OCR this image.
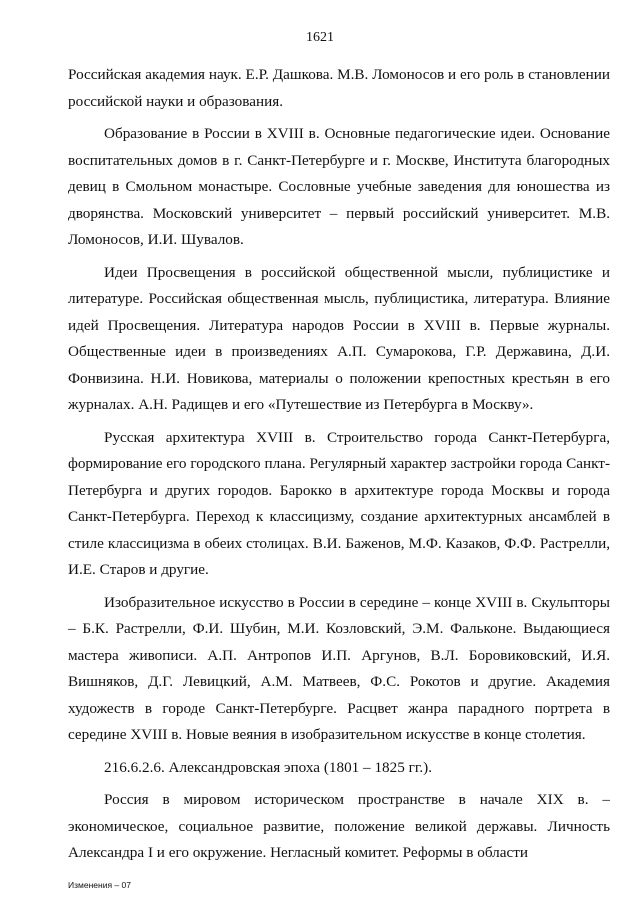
1621

Российская академия наук. Е.Р. Дашкова. М.В. Ломоносов и его роль в становлении российской науки и образования.

Образование в России в XVIII в. Основные педагогические идеи. Основание воспитательных домов в г. Санкт-Петербурге и г. Москве, Института благородных девиц в Смольном монастыре. Сословные учебные заведения для юношества из дворянства. Московский университет – первый российский университет. М.В. Ломоносов, И.И. Шувалов.

Идеи Просвещения в российской общественной мысли, публицистике и литературе. Российская общественная мысль, публицистика, литература. Влияние идей Просвещения. Литература народов России в XVIII в. Первые журналы. Общественные идеи в произведениях А.П. Сумарокова, Г.Р. Державина, Д.И. Фонвизина. Н.И. Новикова, материалы о положении крепостных крестьян в его журналах. А.Н. Радищев и его «Путешествие из Петербурга в Москву».

Русская архитектура XVIII в. Строительство города Санкт-Петербурга, формирование его городского плана. Регулярный характер застройки города Санкт-Петербурга и других городов. Барокко в архитектуре города Москвы и города Санкт-Петербурга. Переход к классицизму, создание архитектурных ансамблей в стиле классицизма в обеих столицах. В.И. Баженов, М.Ф. Казаков, Ф.Ф. Растрелли, И.Е. Старов и другие.

Изобразительное искусство в России в середине – конце XVIII в. Скульпторы – Б.К. Растрелли, Ф.И. Шубин, М.И. Козловский, Э.М. Фальконе. Выдающиеся мастера живописи. А.П. Антропов И.П. Аргунов, В.Л. Боровиковский, И.Я. Вишняков, Д.Г. Левицкий, А.М. Матвеев, Ф.С. Рокотов и другие. Академия художеств в городе Санкт-Петербурге. Расцвет жанра парадного портрета в середине XVIII в. Новые веяния в изобразительном искусстве в конце столетия.

216.6.2.6. Александровская эпоха (1801 – 1825 гг.).

Россия в мировом историческом пространстве в начале XIX в. – экономическое, социальное развитие, положение великой державы. Личность Александра I и его окружение. Негласный комитет. Реформы в области

Изменения – 07
